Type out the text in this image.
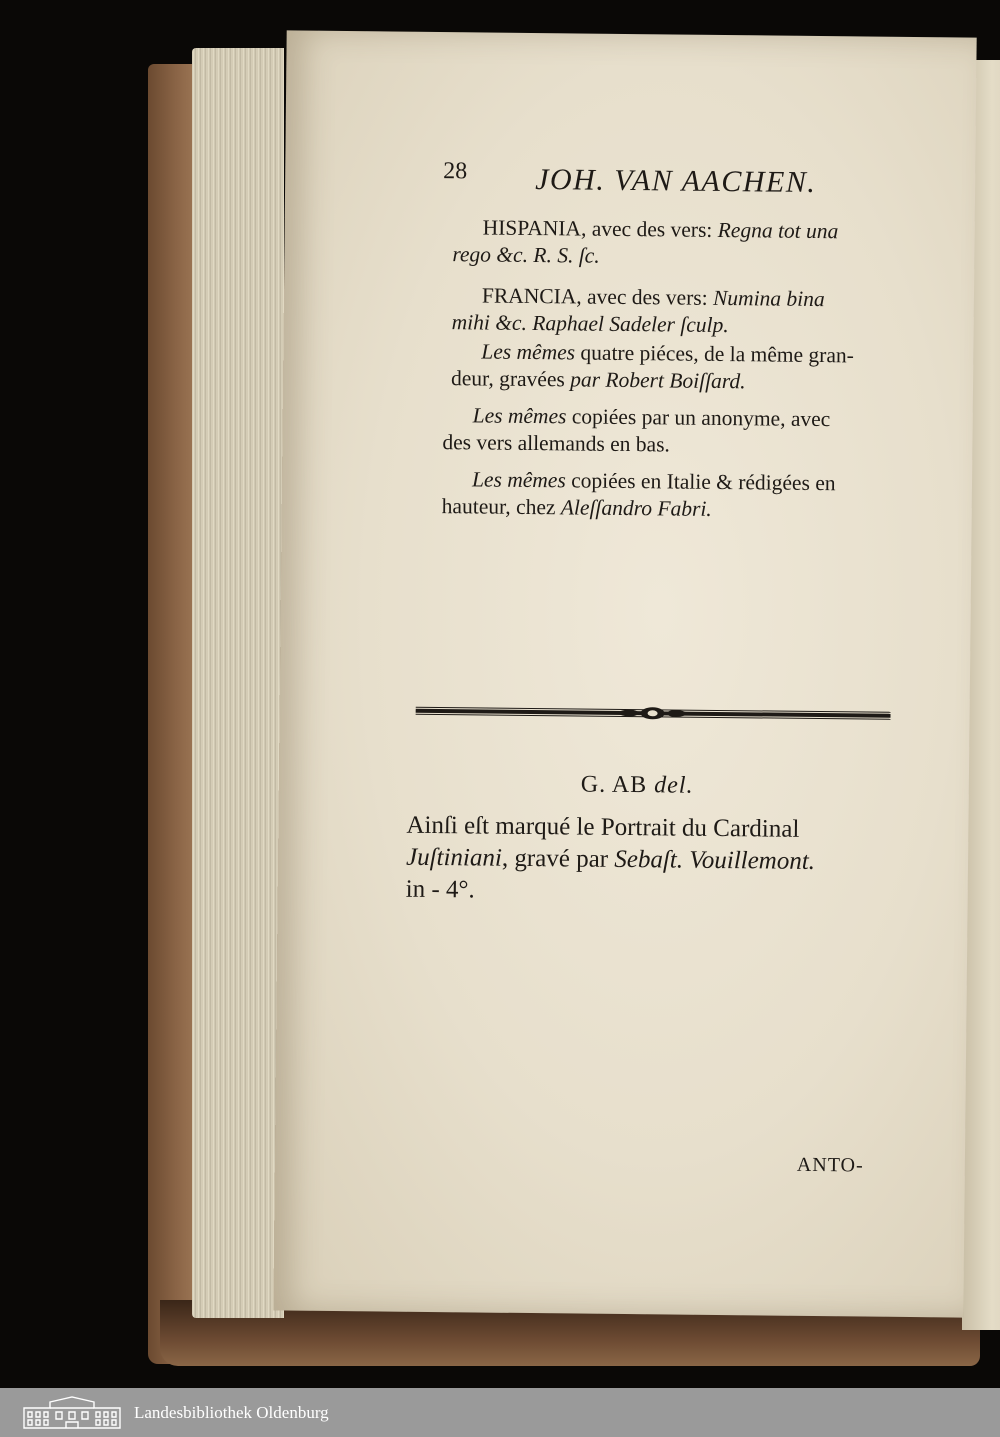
28 JOH. VAN AACHEN.
HISPANIA, avec des vers: Regna tot una
rego &c. R. S. ſc.
FRANCIA, avec des vers: Numina bina
mihi &c. Raphael Sadeler ſculp.
Les mêmes quatre piéces, de la même gran-
deur, gravées par Robert Boiſſard.
Les mêmes copiées par un anonyme, avec
des vers allemands en bas.
Les mêmes copiées en Italie & rédigées en
hauteur, chez Aleſſandro Fabri.
G. AB del.
Ainſi eſt marqué le Portrait du Cardinal
Juſtiniani, gravé par Sebaſt. Vouillemont.
in - 4°.
ANTO-
Landesbibliothek Oldenburg
